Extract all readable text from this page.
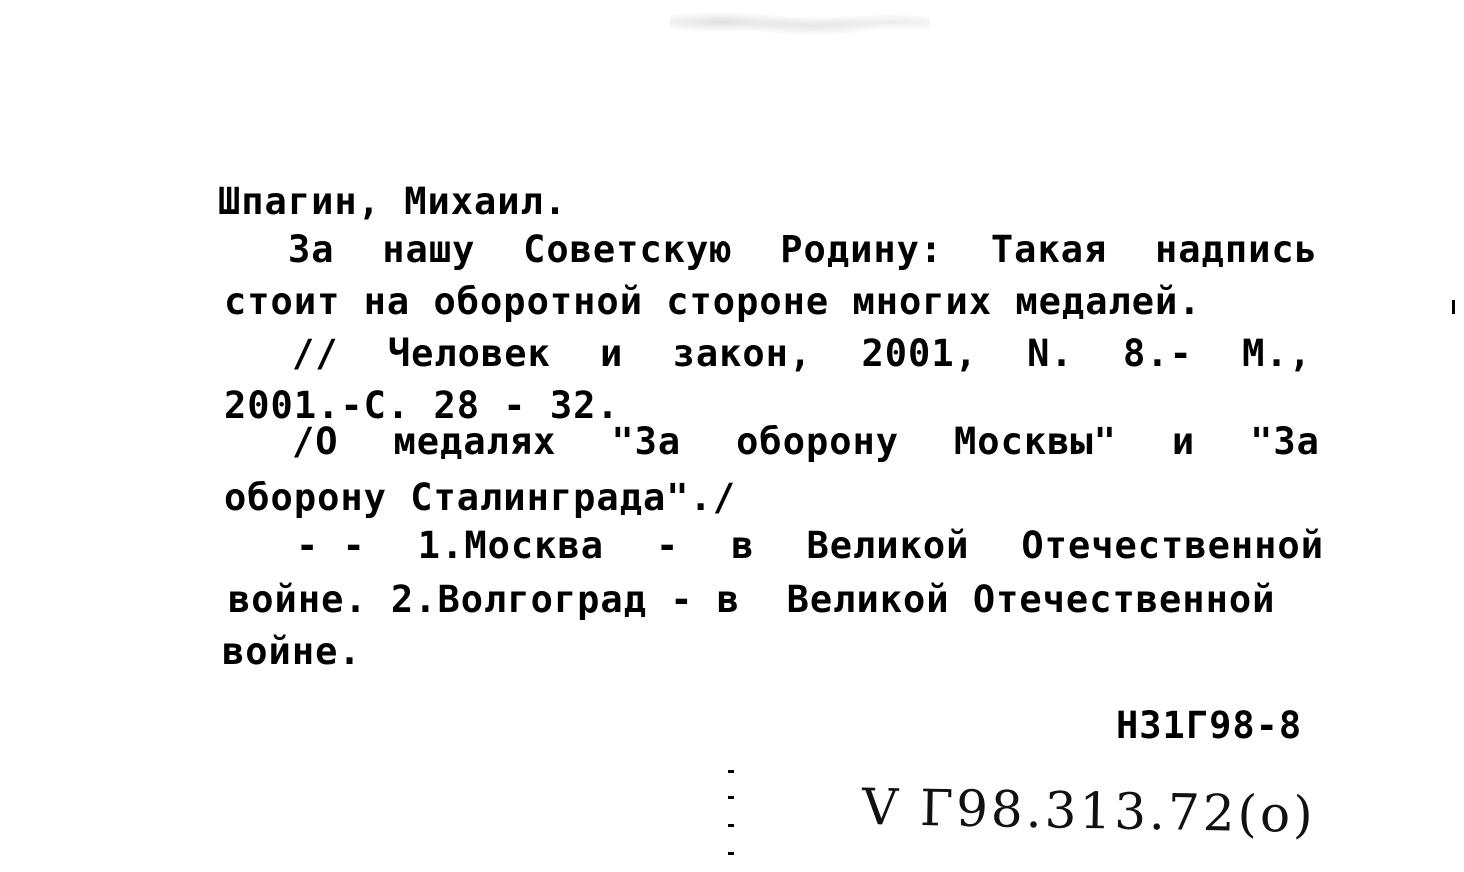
Шпагин, Михаил.
За нашу Советскую Родину: Такая надпись
стоит на оборотной стороне многих медалей.
// Человек и закон, 2001, N. 8.- М.,
2001.-С. 28 - 32.
/О медалях "За оборону Москвы" и "За
оборону Сталинграда"./
- - 1.Москва - в Великой Отечественной
войне. 2.Волгоград - в  Великой Отечественной
войне.
Н31Г98-8
V Г98.313.72(о)
